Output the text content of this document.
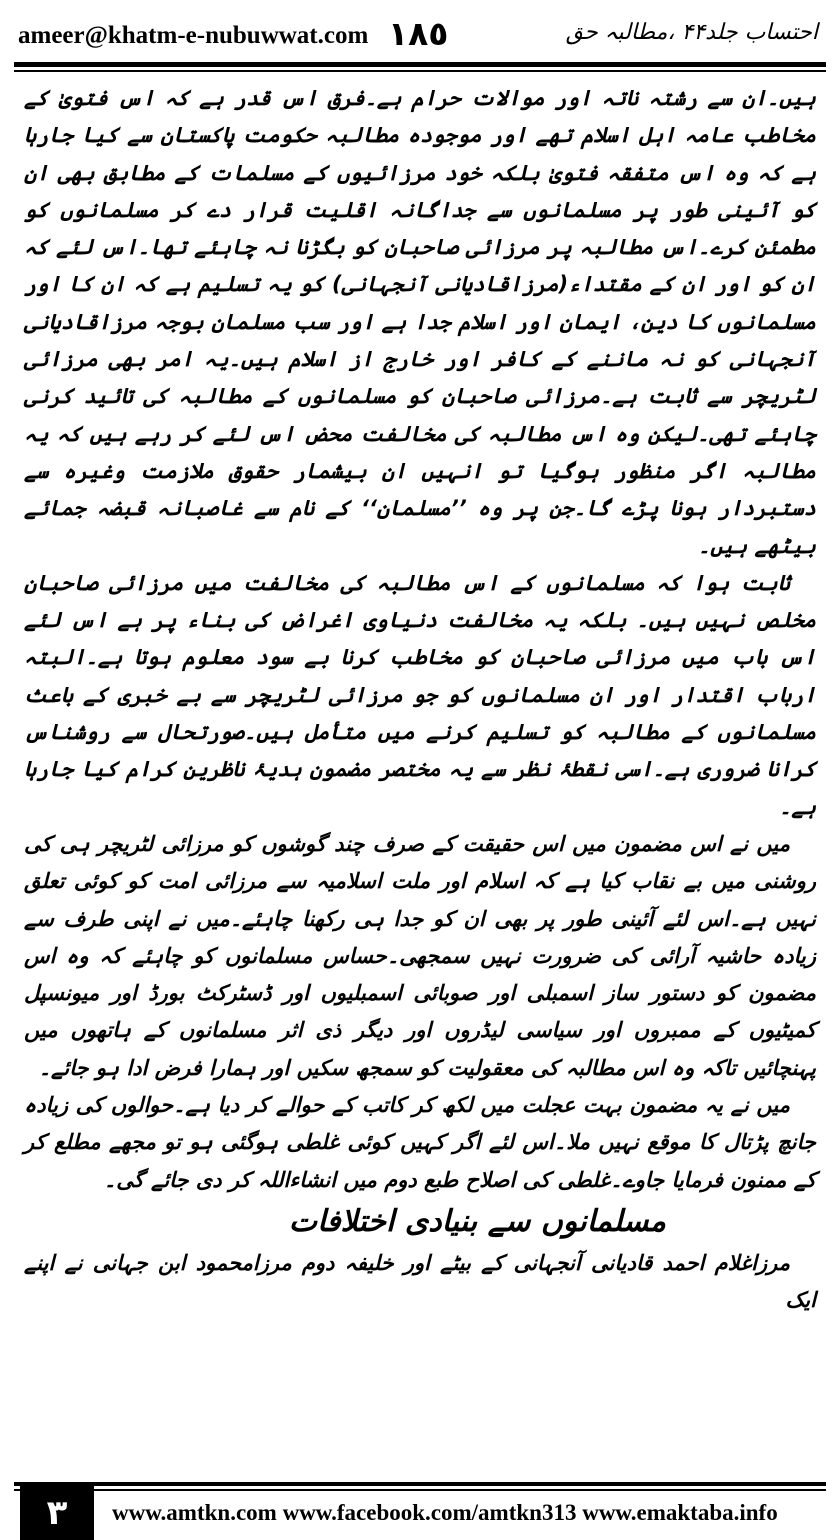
ameer@khatm-e-nubuwwat.com ١٨٥	احتساب جلد۴۴ ،مطالبہ حق

ہیں۔ان سے رشتہ ناتہ اور موالات حرام ہے۔فرق اس قدر ہے کہ اس فتویٰ کے مخاطب عامہ اہل اسلام تھے اور موجودہ مطالبہ حکومت پاکستان سے کیا جارہا ہے کہ وہ اس متفقہ فتویٰ بلکہ خود مرزائیوں کے مسلمات کے مطابق بھی ان کو آئینی طور پر مسلمانوں سے جداگانہ اقلیت قرار دے کر مسلمانوں کو مطمئن کرے۔اس مطالبہ پر مرزائی صاحبان کو بگڑنا نہ چاہئے تھا۔اس لئے کہ ان کو اور ان کے مقتداء(مرزاقادیانی آنجہانی) کو یہ تسلیم ہے کہ ان کا اور مسلمانوں کا دین، ایمان اور اسلام جدا ہے اور سب مسلمان بوجہ مرزاقادیانی آنجہانی کو نہ ماننے کے کافر اور خارج از اسلام ہیں۔یہ امر بھی مرزائی لٹریچر سے ثابت ہے۔مرزائی صاحبان کو مسلمانوں کے مطالبہ کی تائید کرنی چاہئے تھی۔لیکن وہ اس مطالبہ کی مخالفت محض اس لئے کر رہے ہیں کہ یہ مطالبہ اگر منظور ہوگیا تو انہیں ان بیشمار حقوق ملازمت وغیرہ سے دستبردار ہونا پڑے گا۔جن پر وہ ’’مسلمان‘‘ کے نام سے غاصبانہ قبضہ جمائے بیٹھے ہیں۔

ثابت ہوا کہ مسلمانوں کے اس مطالبہ کی مخالفت میں مرزائی صاحبان مخلص نہیں ہیں۔ بلکہ یہ مخالفت دنیاوی اغراض کی بناء پر ہے اس لئے اس باب میں مرزائی صاحبان کو مخاطب کرنا بے سود معلوم ہوتا ہے۔البتہ ارباب اقتدار اور ان مسلمانوں کو جو مرزائی لٹریچر سے بے خبری کے باعث مسلمانوں کے مطالبہ کو تسلیم کرنے میں متأمل ہیں۔صورتحال سے روشناس کرانا ضروری ہے۔اسی نقطۂ نظر سے یہ مختصر مضمون ہدیۂ ناظرین کرام کیا جارہا ہے۔

میں نے اس مضمون میں اس حقیقت کے صرف چند گوشوں کو مرزائی لٹریچر ہی کی روشنی میں بے نقاب کیا ہے کہ اسلام اور ملت اسلامیہ سے مرزائی امت کو کوئی تعلق نہیں ہے۔اس لئے آئینی طور پر بھی ان کو جدا ہی رکھنا چاہئے۔میں نے اپنی طرف سے زیادہ حاشیہ آرائی کی ضرورت نہیں سمجھی۔حساس مسلمانوں کو چاہئے کہ وہ اس مضمون کو دستور ساز اسمبلی اور صوبائی اسمبلیوں اور ڈسٹرکٹ بورڈ اور میونسپل کمیٹیوں کے ممبروں اور سیاسی لیڈروں اور دیگر ذی اثر مسلمانوں کے ہاتھوں میں پہنچائیں تاکہ وہ اس مطالبہ کی معقولیت کو سمجھ سکیں اور ہمارا فرض ادا ہو جائے۔

میں نے یہ مضمون بہت عجلت میں لکھ کر کاتب کے حوالے کر دیا ہے۔حوالوں کی زیادہ جانچ پڑتال کا موقع نہیں ملا۔اس لئے اگر کہیں کوئی غلطی ہوگئی ہو تو مجھے مطلع کر کے ممنون فرمایا جاوے۔غلطی کی اصلاح طبع دوم میں انشاءاللہ کر دی جائے گی۔

مسلمانوں سے بنیادی اختلافات

مرزاغلام احمد قادیانی آنجہانی کے بیٹے اور خلیفہ دوم مرزامحمود ابن جہانی نے اپنے ایک

٣	www.amtkn.com www.facebook.com/amtkn313 www.emaktaba.info
